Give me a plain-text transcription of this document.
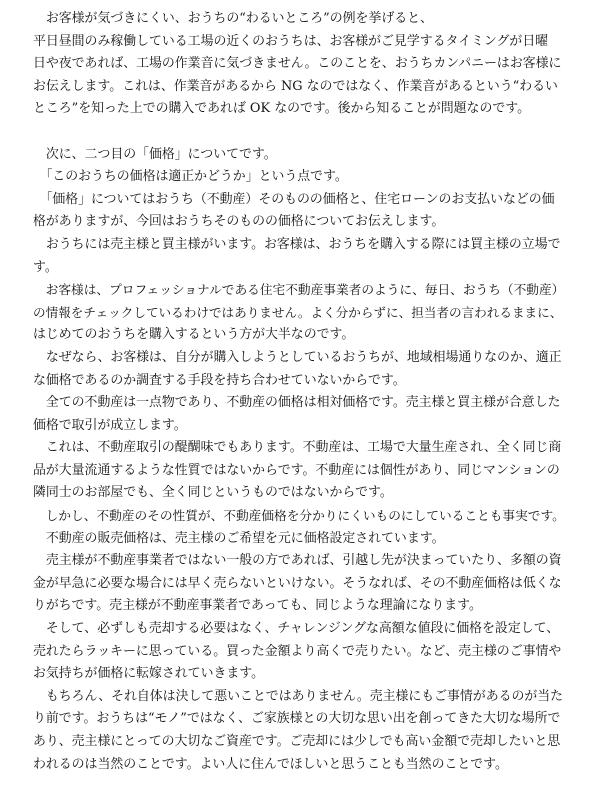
　お客様が気づきにくい、おうちの“わるいところ”の例を挙げると、
平日昼間のみ稼働している工場の近くのおうちは、お客様がご見学するタイミングが日曜
日や夜であれば、工場の作業音に気づきません。このことを、おうちカンパニーはお客様に
お伝えします。これは、作業音があるから NG なのではなく、作業音があるという“わるい
ところ”を知った上での購入であれば OK なのです。後から知ることが問題なのです。
　次に、二つ目の「価格」についてです。
　「このおうちの価格は適正かどうか」という点です。
　「価格」についてはおうち（不動産）そのものの価格と、住宅ローンのお支払いなどの価
格がありますが、今回はおうちそのものの価格についてお伝えします。
　おうちには売主様と買主様がいます。お客様は、おうちを購入する際には買主様の立場で
す。
　お客様は、プロフェッショナルである住宅不動産事業者のように、毎日、おうち（不動産）
の情報をチェックしているわけではありません。よく分からずに、担当者の言われるままに、
はじめてのおうちを購入するという方が大半なのです。
　なぜなら、お客様は、自分が購入しようとしているおうちが、地域相場通りなのか、適正
な価格であるのか調査する手段を持ち合わせていないからです。
　全ての不動産は一点物であり、不動産の価格は相対価格です。売主様と買主様が合意した
価格で取引が成立します。
　これは、不動産取引の醍醐味でもあります。不動産は、工場で大量生産され、全く同じ商
品が大量流通するような性質ではないからです。不動産には個性があり、同じマンションの
隣同士のお部屋でも、全く同じというものではないからです。
　しかし、不動産のその性質が、不動産価格を分かりにくいものにしていることも事実です。
　不動産の販売価格は、売主様のご希望を元に価格設定されています。
　売主様が不動産事業者ではない一般の方であれば、引越し先が決まっていたり、多額の資
金が早急に必要な場合には早く売らないといけない。そうなれば、その不動産価格は低くな
りがちです。売主様が不動産事業者であっても、同じような理論になります。
　そして、必ずしも売却する必要はなく、チャレンジングな高額な値段に価格を設定して、
売れたらラッキーに思っている。買った金額より高くで売りたい。など、売主様のご事情や
お気持ちが価格に転嫁されていきます。
　もちろん、それ自体は決して悪いことではありません。売主様にもご事情があるのが当た
り前です。おうちは“モノ”ではなく、ご家族様との大切な思い出を創ってきた大切な場所で
あり、売主様にとっての大切なご資産です。ご売却には少しでも高い金額で売却したいと思
われるのは当然のことです。よい人に住んでほしいと思うことも当然のことです。
